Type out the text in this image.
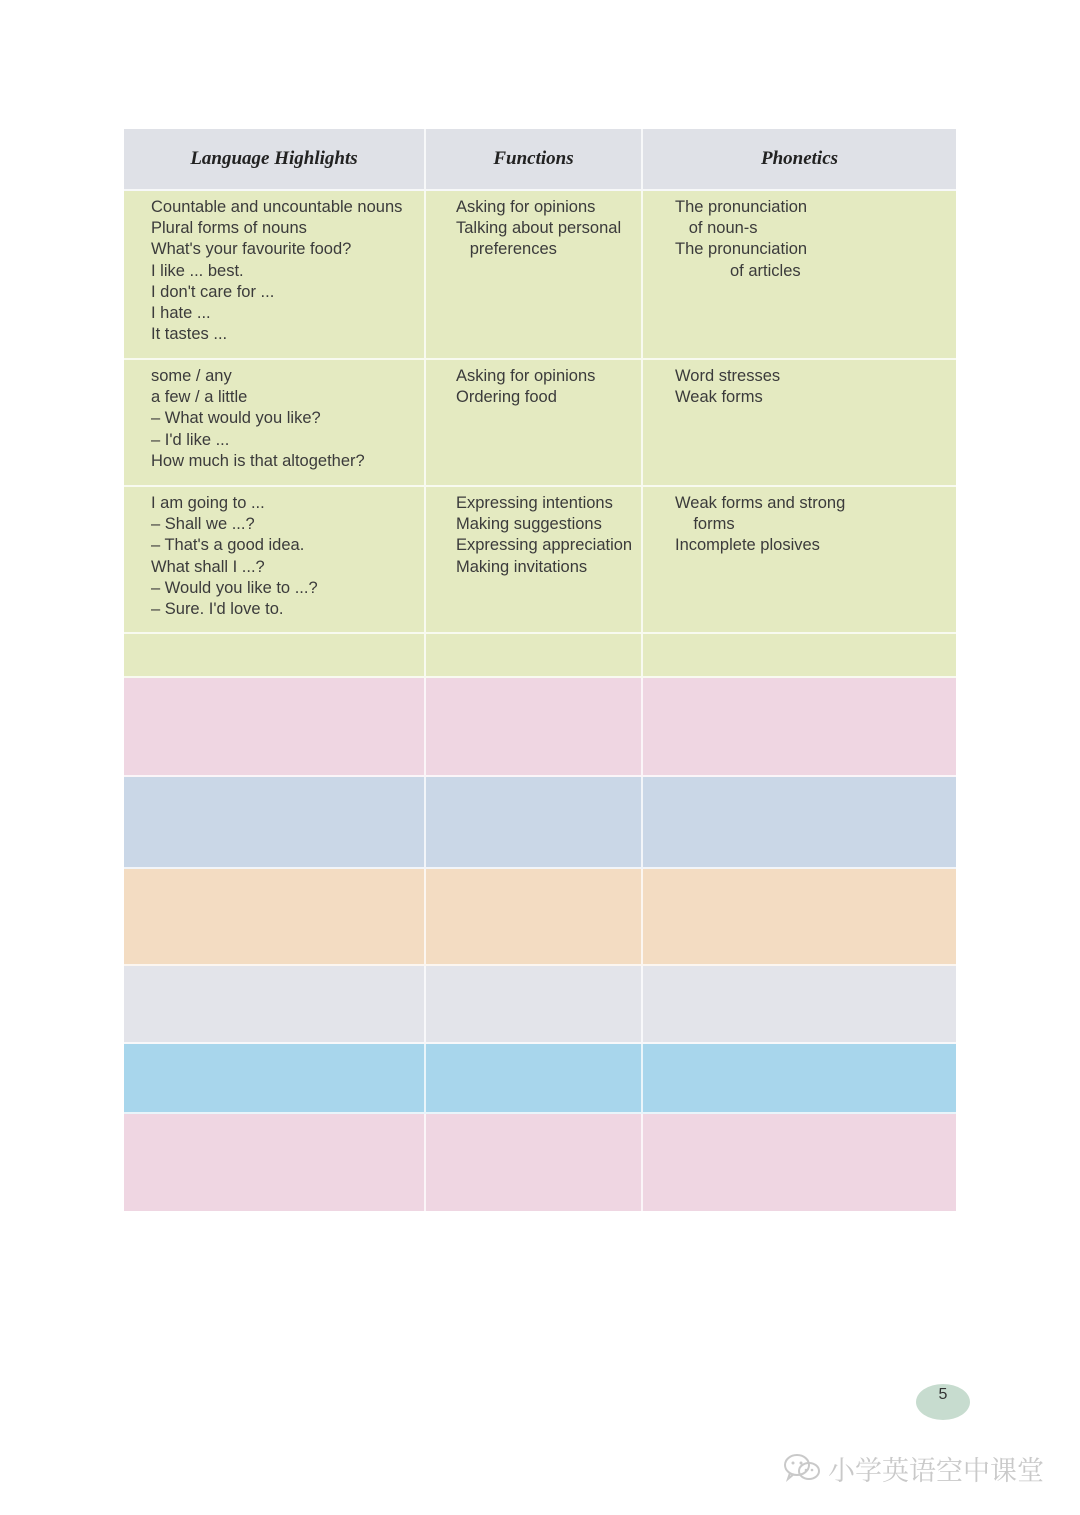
Language Highlights	Functions	Phonetics
Countable and uncountable nouns
Plural forms of nouns
What's your favourite food?
I like ... best.
I don't care for ...
I hate ...
It tastes ...
Asking for opinions
Talking about personal
preferences
The pronunciation
of noun-s
The pronunciation
of articles
some / any
a few / a little
– What would you like?
– I'd like ...
How much is that altogether?
Asking for opinions
Ordering food
Word stresses
Weak forms
I am going to ...
– Shall we ...?
– That's a good idea.
What shall I ...?
– Would you like to ...?
– Sure. I'd love to.
Expressing intentions
Making suggestions
Expressing appreciation
Making invitations
Weak forms and strong
forms
Incomplete plosives
5
小学英语空中课堂
